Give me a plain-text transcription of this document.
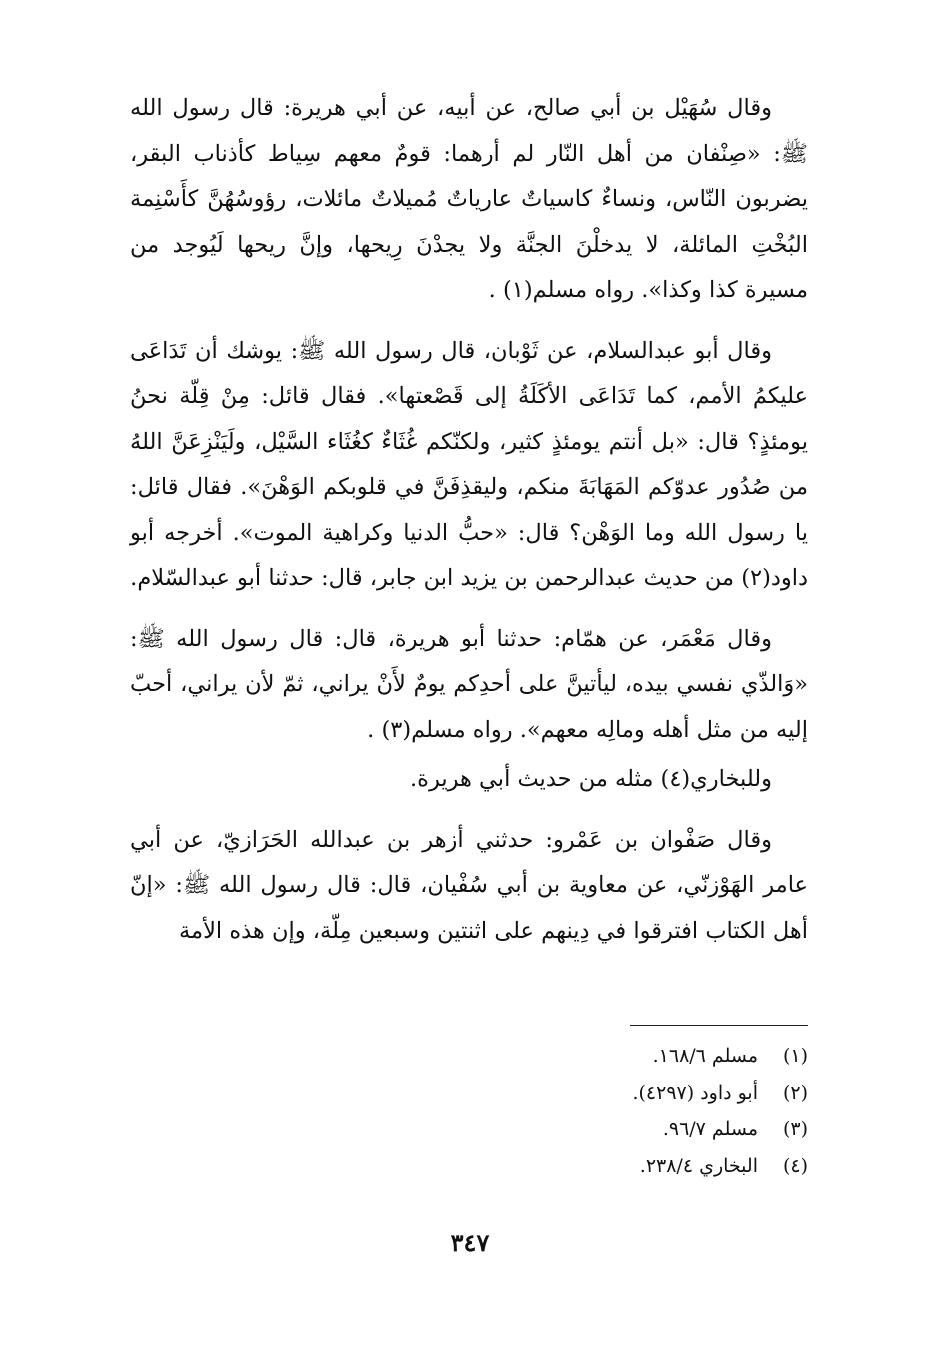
وقال سُهَيْل بن أبي صالح، عن أبيه، عن أبي هريرة: قال رسول الله ﷺ: «صِنْفان من أهل النّار لم أرهما: قومٌ معهم سِياط كأذناب البقر، يضربون النّاس، ونساءٌ كاسياتٌ عارياتٌ مُميلاتٌ مائلات، رؤوسُهُنَّ كأَسْنِمة البُخْتِ المائلة، لا يدخلْنَ الجنَّة ولا يجدْنَ رِيحها، وإنَّ ريحها لَيُوجد من مسيرة كذا وكذا». رواه مسلم(١) .

وقال أبو عبدالسلام، عن ثَوْبان، قال رسول الله ﷺ: يوشك أن تَدَاعَى عليكمُ الأمم، كما تَدَاعَى الأكَلَةُ إلى قَصْعتها». فقال قائل: مِنْ قِلّة نحنُ يومئذٍ؟ قال: «بل أنتم يومئذٍ كثير، ولكنّكم غُثَاءٌ كغُثَاء السَّيْل، ولَيَنْزِعَنَّ اللهُ من صُدُور عدوّكم المَهَابَةَ منكم، وليقذِفَنَّ في قلوبكم الوَهْنَ». فقال قائل: يا رسول الله وما الوَهْن؟ قال: «حبُّ الدنيا وكراهية الموت». أخرجه أبو داود(٢) من حديث عبدالرحمن بن يزيد ابن جابر، قال: حدثنا أبو عبدالسّلام.

وقال مَعْمَر، عن همّام: حدثنا أبو هريرة، قال: قال رسول الله ﷺ: «وَالذّي نفسي بيده، ليأتينَّ على أحدِكم يومٌ لأَنْ يراني، ثمّ لأن يراني، أحبّ إليه من مثل أهله ومالِه معهم». رواه مسلم(٣) .

وللبخاري(٤) مثله من حديث أبي هريرة.

وقال صَفْوان بن عَمْرو: حدثني أزهر بن عبدالله الحَرَازيّ، عن أبي عامر الهَوْزنّي، عن معاوية بن أبي سُفْيان، قال: قال رسول الله ﷺ: «إنّ أهل الكتاب افترقوا في دِينهم على اثنتين وسبعين مِلّة، وإن هذه الأمة

(١)
مسلم ١٦٨/٦.
(٢)
أبو داود (٤٢٩٧).
(٣)
مسلم ٩٦/٧.
(٤)
البخاري ٢٣٨/٤.
٣٤٧
